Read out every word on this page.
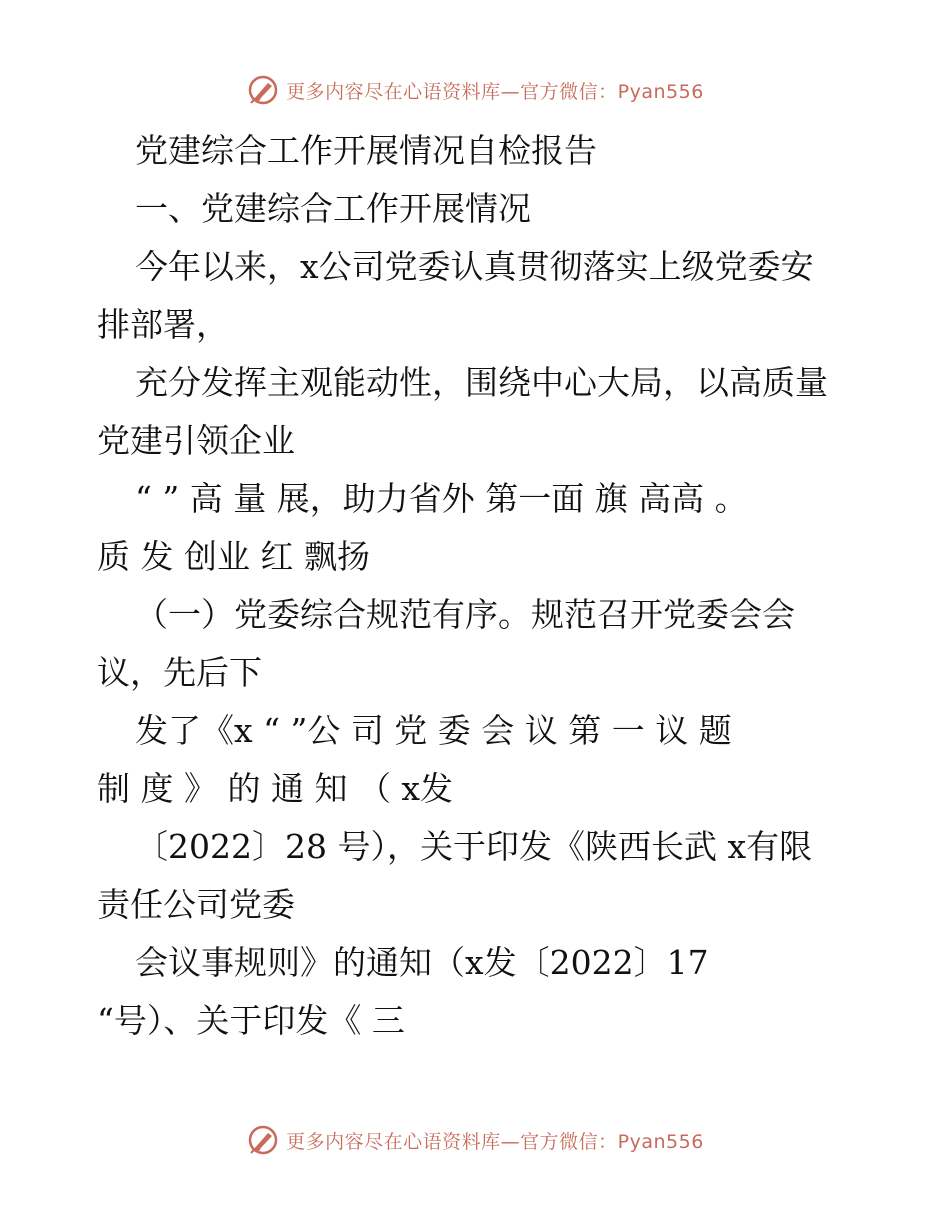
更多内容尽在心语资料库—官方微信：Pyan556
党建综合工作开展情况自检报告
一、党建综合工作开展情况
今年以来，x公司党委认真贯彻落实上级党委安
排部署，
充分发挥主观能动性，围绕中心大局，以高质量
党建引领企业
“ ” 高 量 展，助力省外 第一面 旗 高高 。
质 发 创业 红 飘扬
（一）党委综合规范有序。规范召开党委会会
议，先后下
发了《x “ ”公 司 党 委 会 议 第 一 议 题
制 度 》 的 通 知 （ x发
〔2022〕28 号），关于印发《陕西长武 x有限
责任公司党委
会议事规则》的通知（x发〔2022〕17
“号）、关于印发《 三
更多内容尽在心语资料库—官方微信：Pyan556
